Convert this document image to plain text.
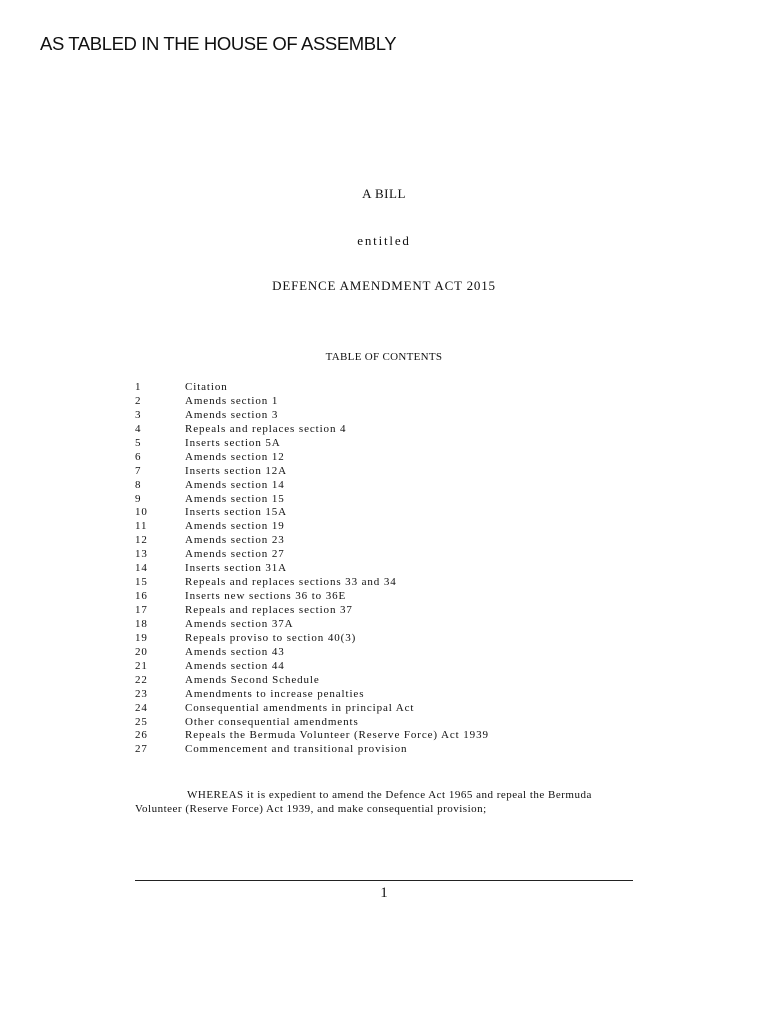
AS TABLED IN THE HOUSE OF ASSEMBLY
A BILL
entitled
DEFENCE AMENDMENT ACT 2015
TABLE OF CONTENTS
1	Citation
2	Amends section 1
3	Amends section 3
4	Repeals and replaces section 4
5	Inserts section 5A
6	Amends section 12
7	Inserts section 12A
8	Amends section 14
9	Amends section 15
10	Inserts section 15A
11	Amends section 19
12	Amends section 23
13	Amends section 27
14	Inserts section 31A
15	Repeals and replaces sections 33 and 34
16	Inserts new sections 36 to 36E
17	Repeals and replaces section 37
18	Amends section 37A
19	Repeals proviso to section 40(3)
20	Amends section 43
21	Amends section 44
22	Amends Second Schedule
23	Amendments to increase penalties
24	Consequential amendments in principal Act
25	Other consequential amendments
26	Repeals the Bermuda Volunteer (Reserve Force) Act 1939
27	Commencement and transitional provision
WHEREAS it is expedient to amend the Defence Act 1965 and repeal the Bermuda
Volunteer (Reserve Force) Act 1939, and make consequential provision;
1
